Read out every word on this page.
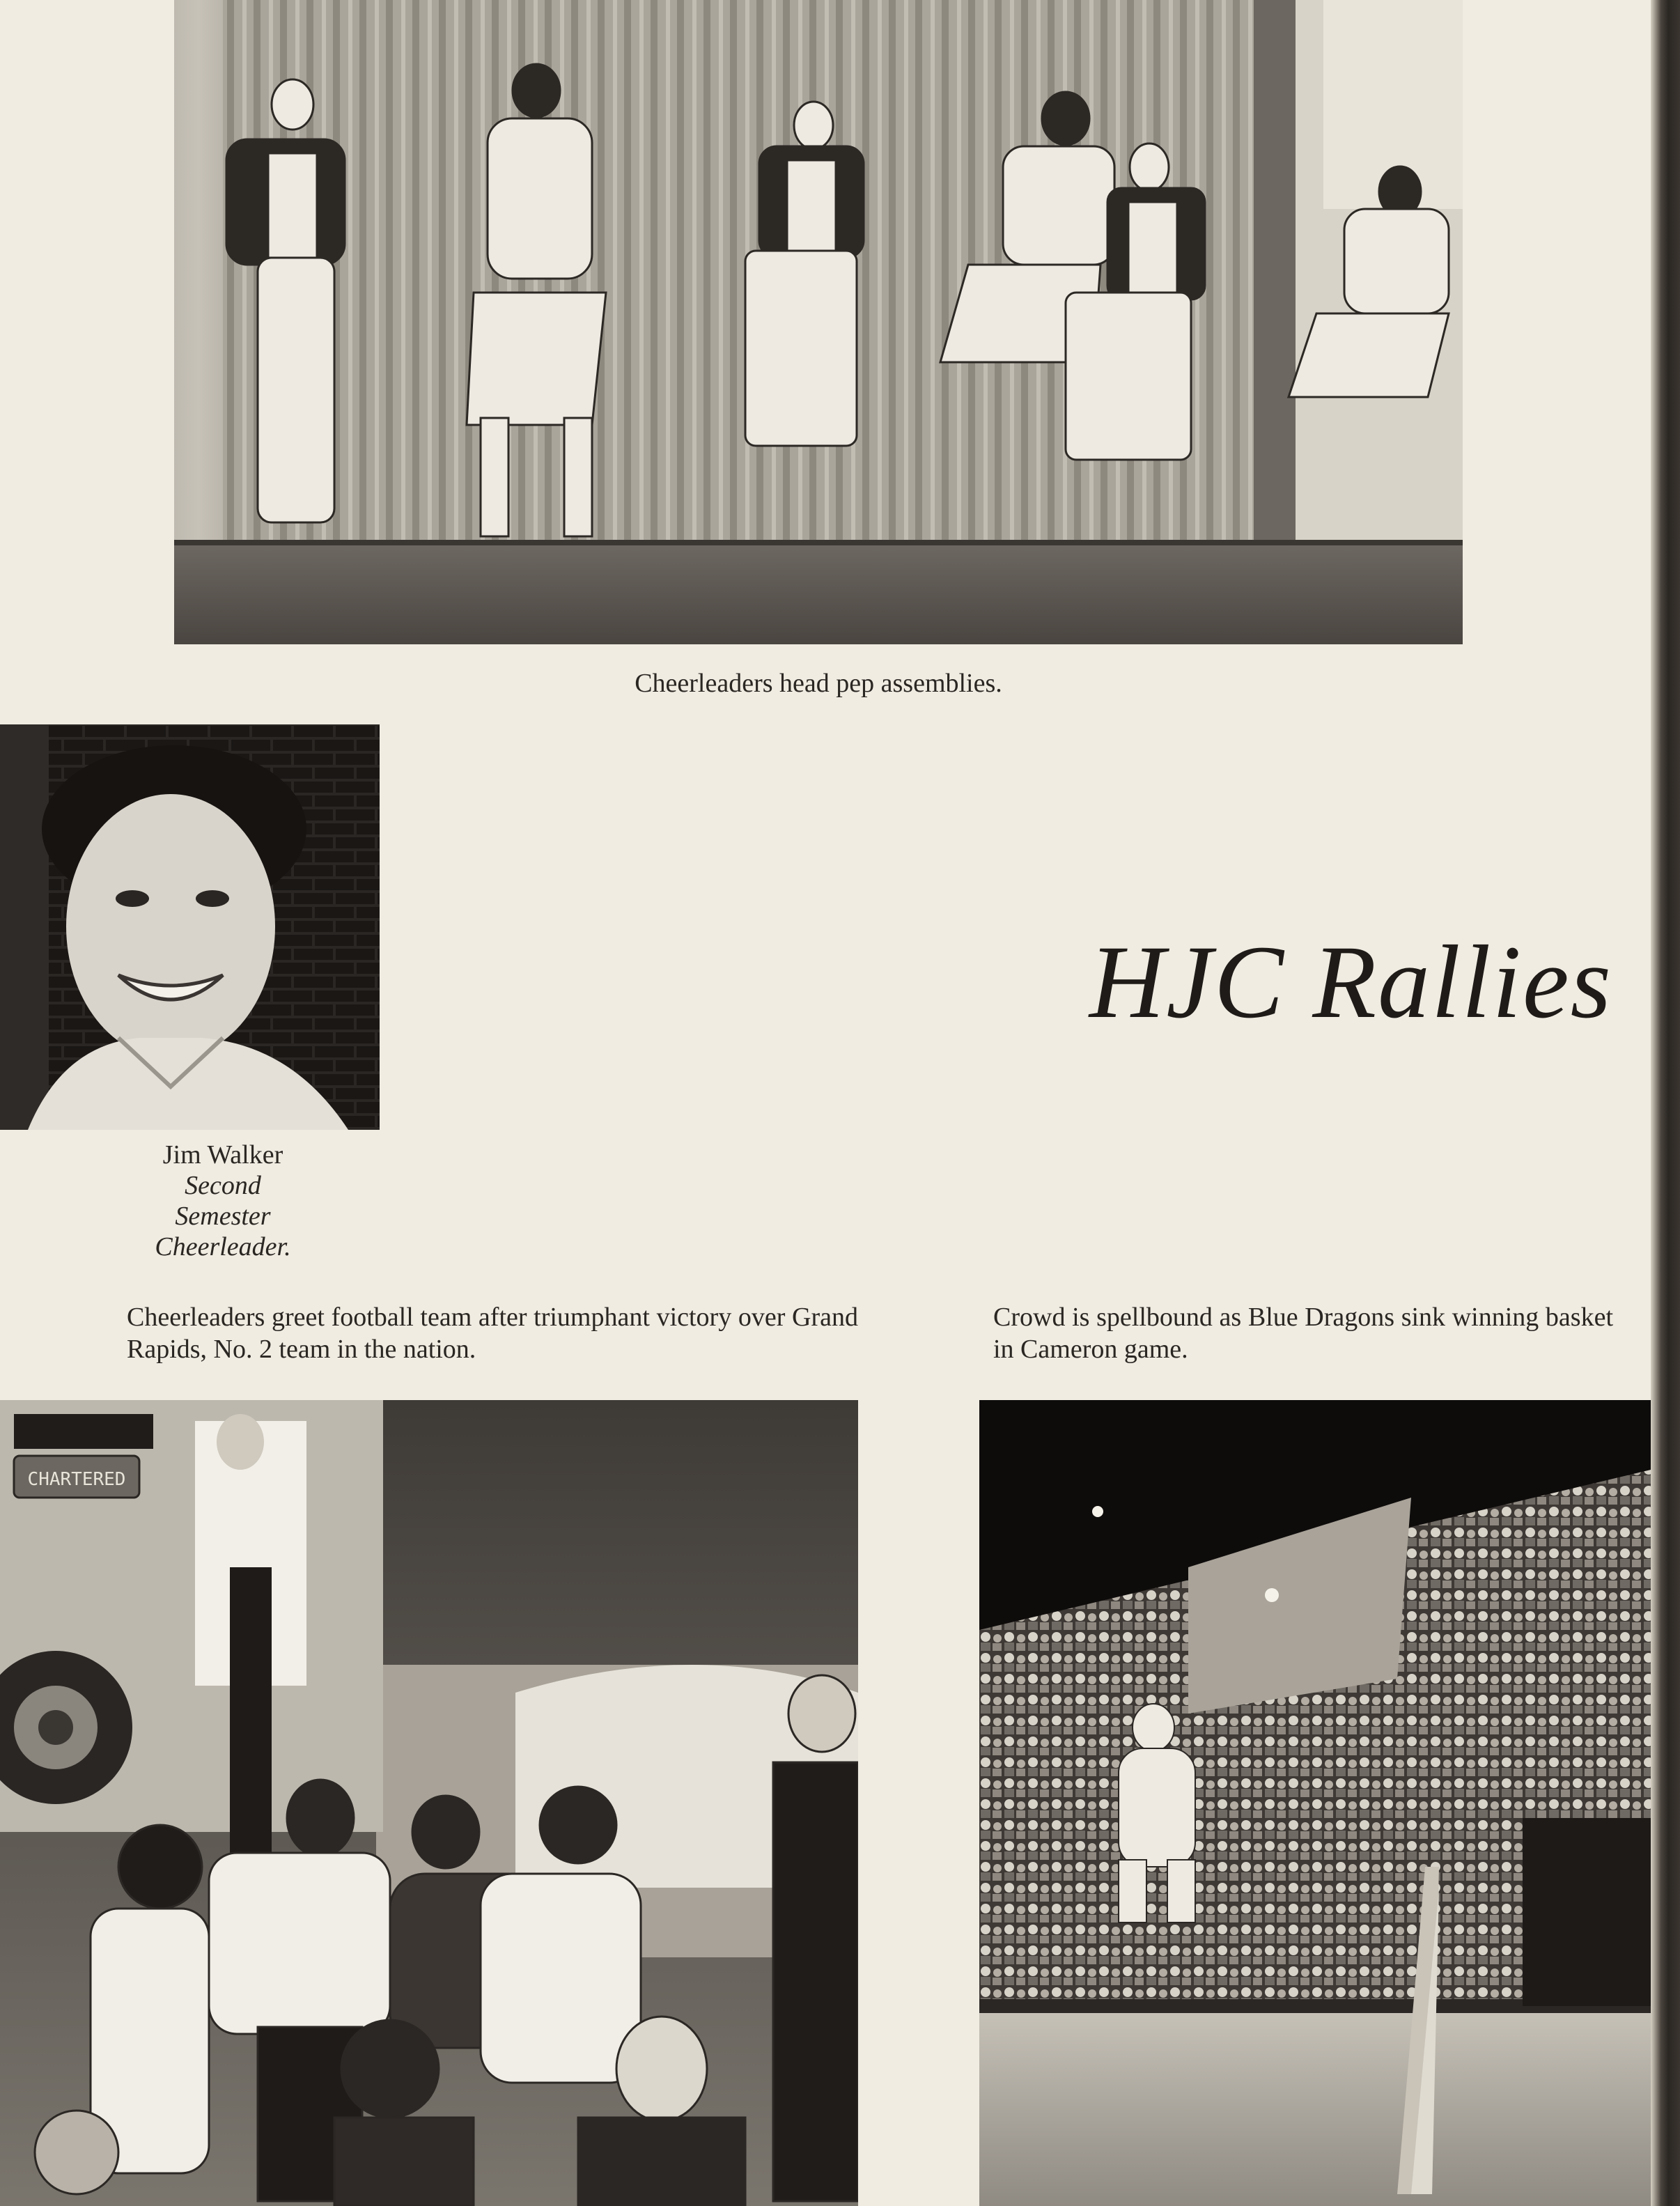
Cheerleaders head pep assemblies.
Jim Walker
Second
Semester
Cheerleader.
HJC Rallies
Cheerleaders greet football team after triumphant victory over Grand Rapids, No. 2 team in the nation.
Crowd is spellbound as Blue Dragons sink winning basket in Cameron game.
CHARTERED
